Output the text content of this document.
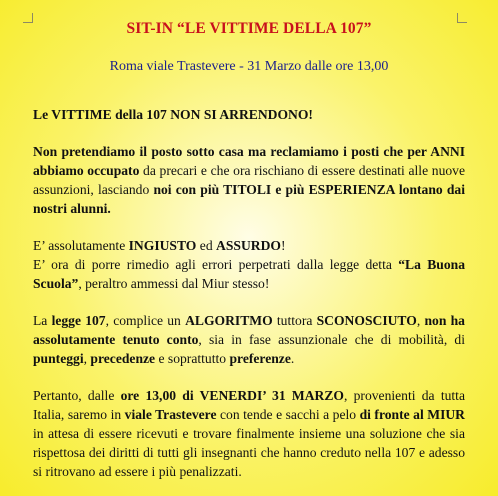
SIT-IN “LE VITTIME DELLA 107”

Roma viale Trastevere - 31 Marzo dalle ore 13,00

Le VITTIME della 107 NON SI ARRENDONO!

Non pretendiamo il posto sotto casa ma reclamiamo i posti che per ANNI abbiamo occupato da precari e che ora rischiano di essere destinati alle nuove assunzioni, lasciando noi con più TITOLI e più ESPERIENZA lontano dai nostri alunni.

E’ assolutamente INGIUSTO ed ASSURDO!
E’ ora di porre rimedio agli errori perpetrati dalla legge detta “La Buona Scuola”, peraltro ammessi dal Miur stesso!

La legge 107, complice un ALGORITMO tuttora SCONOSCIUTO, non ha assolutamente tenuto conto, sia in fase assunzionale che di mobilità, di punteggi, precedenze e soprattutto preferenze.

Pertanto, dalle ore 13,00 di VENERDI’ 31 MARZO, provenienti da tutta Italia, saremo in viale Trastevere con tende e sacchi a pelo di fronte al MIUR in attesa di essere ricevuti e trovare finalmente insieme una soluzione che sia rispettosa dei diritti di tutti gli insegnanti che hanno creduto nella 107 e adesso si ritrovano ad essere i più penalizzati.
